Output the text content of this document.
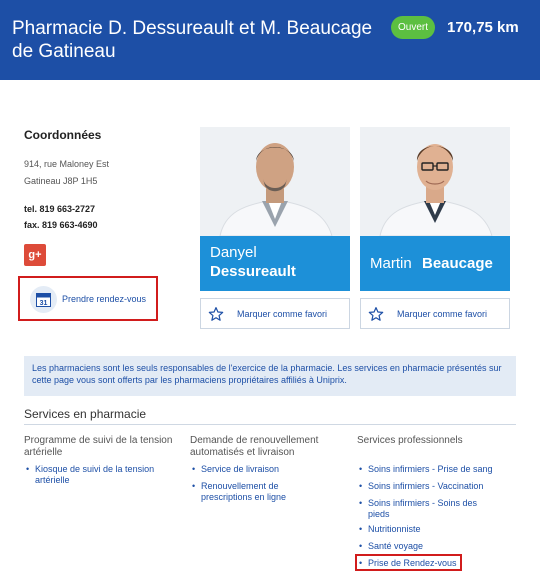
Pharmacie D. Dessureault et M. Beaucage de Gatineau
Ouvert	170,75 km
Coordonnées
914, rue Maloney Est
Gatineau J8P 1H5
tel. 819 663-2727
fax. 819 663-4690
g+
31 Prendre rendez-vous
Danyel
Dessureault
Marquer comme favori
Martin Beaucage
Marquer comme favori
Les pharmaciens sont les seuls responsables de l'exercice de la pharmacie. Les services en pharmacie présentés sur cette page vous sont offerts par les pharmaciens propriétaires affiliés à Uniprix.
Services en pharmacie
Programme de suivi de la tension artérielle
• Kiosque de suivi de la tension artérielle
Demande de renouvellement automatisés et livraison
• Service de livraison
• Renouvellement de prescriptions en ligne
Services professionnels
• Soins infirmiers - Prise de sang
• Soins infirmiers - Vaccination
• Soins infirmiers - Soins des pieds
• Nutritionniste
• Santé voyage
• Prise de Rendez-vous
